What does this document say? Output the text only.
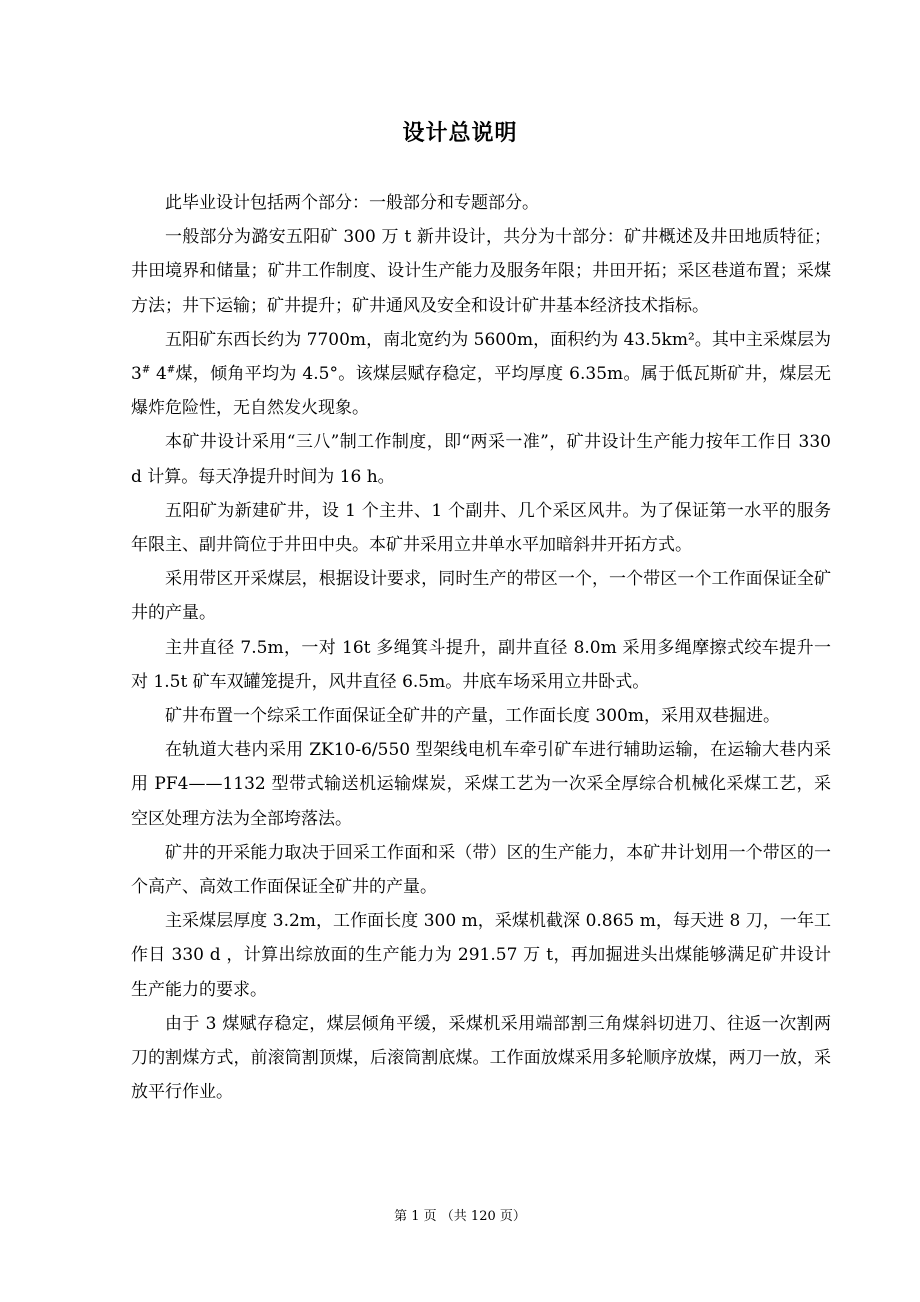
设计总说明

此毕业设计包括两个部分：一般部分和专题部分。

一般部分为潞安五阳矿 300 万 t 新井设计，共分为十部分：矿井概述及井田地质特征；井田境界和储量；矿井工作制度、设计生产能力及服务年限；井田开拓；采区巷道布置；采煤方法；井下运输；矿井提升；矿井通风及安全和设计矿井基本经济技术指标。

五阳矿东西长约为 7700m，南北宽约为 5600m，面积约为 43.5km²。其中主采煤层为 3# 4#煤，倾角平均为 4.5°。该煤层赋存稳定，平均厚度 6.35m。属于低瓦斯矿井，煤层无爆炸危险性，无自然发火现象。

本矿井设计采用“三八”制工作制度，即“两采一准”，矿井设计生产能力按年工作日 330 d 计算。每天净提升时间为 16 h。

五阳矿为新建矿井，设 1 个主井、1 个副井、几个采区风井。为了保证第一水平的服务年限主、副井筒位于井田中央。本矿井采用立井单水平加暗斜井开拓方式。

采用带区开采煤层，根据设计要求，同时生产的带区一个，一个带区一个工作面保证全矿井的产量。

主井直径 7.5m，一对 16t 多绳箕斗提升，副井直径 8.0m 采用多绳摩擦式绞车提升一对 1.5t 矿车双罐笼提升，风井直径 6.5m。井底车场采用立井卧式。

矿井布置一个综采工作面保证全矿井的产量，工作面长度 300m，采用双巷掘进。

在轨道大巷内采用 ZK10-6/550 型架线电机车牵引矿车进行辅助运输，在运输大巷内采用 PF4——1132 型带式输送机运输煤炭，采煤工艺为一次采全厚综合机械化采煤工艺，采空区处理方法为全部垮落法。

矿井的开采能力取决于回采工作面和采（带）区的生产能力，本矿井计划用一个带区的一个高产、高效工作面保证全矿井的产量。

主采煤层厚度 3.2m，工作面长度 300 m，采煤机截深 0.865 m，每天进 8 刀，一年工作日 330 d ，计算出综放面的生产能力为 291.57 万 t，再加掘进头出煤能够满足矿井设计生产能力的要求。

由于 3 煤赋存稳定，煤层倾角平缓，采煤机采用端部割三角煤斜切进刀、往返一次割两刀的割煤方式，前滚筒割顶煤，后滚筒割底煤。工作面放煤采用多轮顺序放煤，两刀一放，采放平行作业。

第 1 页 （共 120 页）
